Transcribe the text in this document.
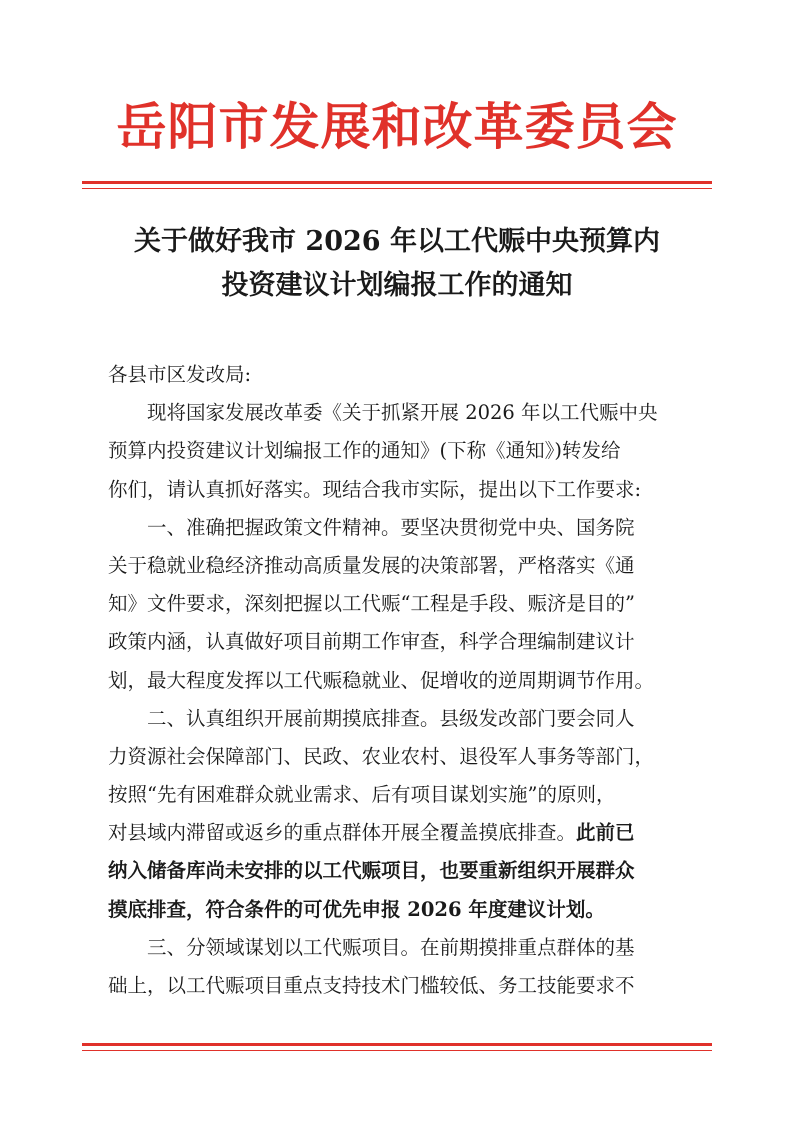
岳阳市发展和改革委员会
关于做好我市 2026 年以工代赈中央预算内
投资建议计划编报工作的通知
各县市区发改局:
现将国家发展改革委《关于抓紧开展 2026 年以工代赈中央
预算内投资建议计划编报工作的通知》(下称《通知》)转发给
你们，请认真抓好落实。现结合我市实际，提出以下工作要求:
一、准确把握政策文件精神。要坚决贯彻党中央、国务院
关于稳就业稳经济推动高质量发展的决策部署，严格落实《通
知》文件要求，深刻把握以工代赈“工程是手段、赈济是目的”
政策内涵，认真做好项目前期工作审查，科学合理编制建议计
划，最大程度发挥以工代赈稳就业、促增收的逆周期调节作用。
二、认真组织开展前期摸底排查。县级发改部门要会同人
力资源社会保障部门、民政、农业农村、退役军人事务等部门，
按照“先有困难群众就业需求、后有项目谋划实施”的原则，
对县域内滞留或返乡的重点群体开展全覆盖摸底排查。此前已
纳入储备库尚未安排的以工代赈项目，也要重新组织开展群众
摸底排查，符合条件的可优先申报 2026 年度建议计划。
三、分领域谋划以工代赈项目。在前期摸排重点群体的基
础上，以工代赈项目重点支持技术门槛较低、务工技能要求不
